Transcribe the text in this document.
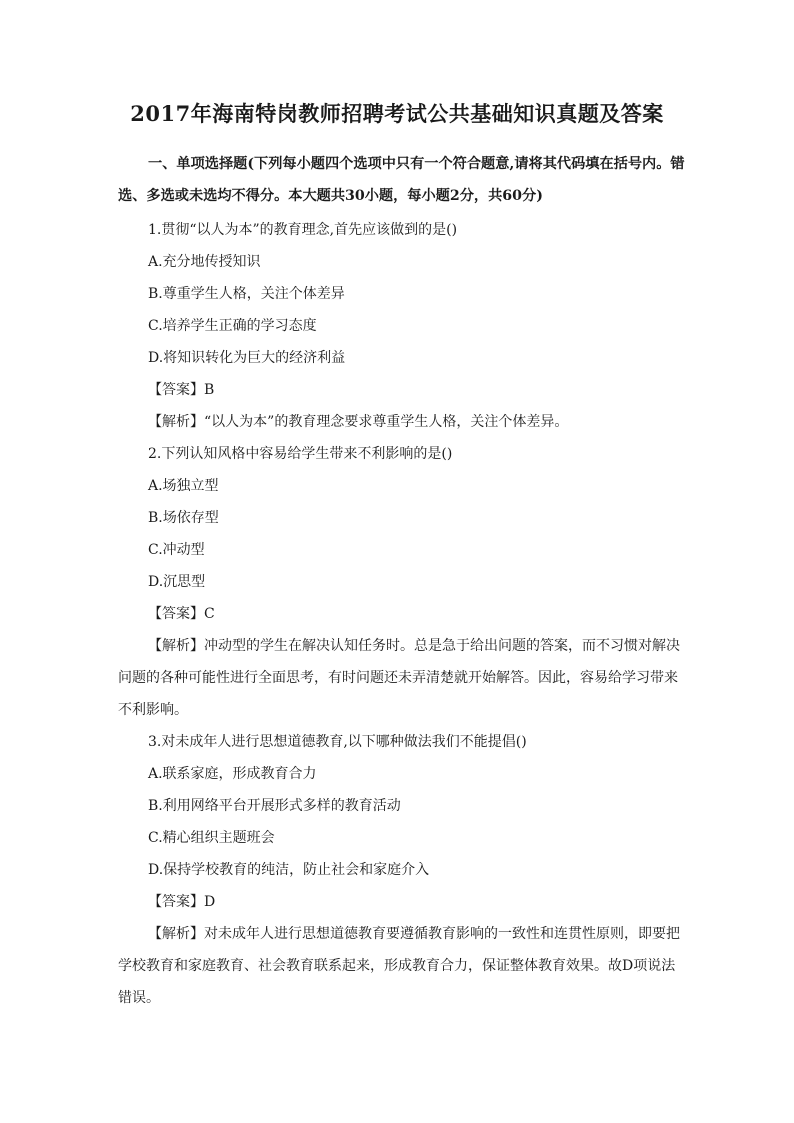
2017年海南特岗教师招聘考试公共基础知识真题及答案
一、单项选择题(下列每小题四个选项中只有一个符合题意,请将其代码填在括号内。错选、多选或未选均不得分。本大题共30小题，每小题2分，共60分)
1.贯彻“以人为本”的教育理念,首先应该做到的是()
A.充分地传授知识
B.尊重学生人格，关注个体差异
C.培养学生正确的学习态度
D.将知识转化为巨大的经济利益
【答案】B
【解析】“以人为本”的教育理念要求尊重学生人格，关注个体差异。
2.下列认知风格中容易给学生带来不利影响的是()
A.场独立型
B.场依存型
C.冲动型
D.沉思型
【答案】C
【解析】冲动型的学生在解决认知任务时。总是急于给出问题的答案，而不习惯对解决问题的各种可能性进行全面思考，有时问题还未弄清楚就开始解答。因此，容易给学习带来不利影响。
3.对未成年人进行思想道德教育,以下哪种做法我们不能提倡()
A.联系家庭，形成教育合力
B.利用网络平台开展形式多样的教育活动
C.精心组织主题班会
D.保持学校教育的纯洁，防止社会和家庭介入
【答案】D
【解析】对未成年人进行思想道德教育要遵循教育影响的一致性和连贯性原则，即要把学校教育和家庭教育、社会教育联系起来，形成教育合力，保证整体教育效果。故D项说法错误。
